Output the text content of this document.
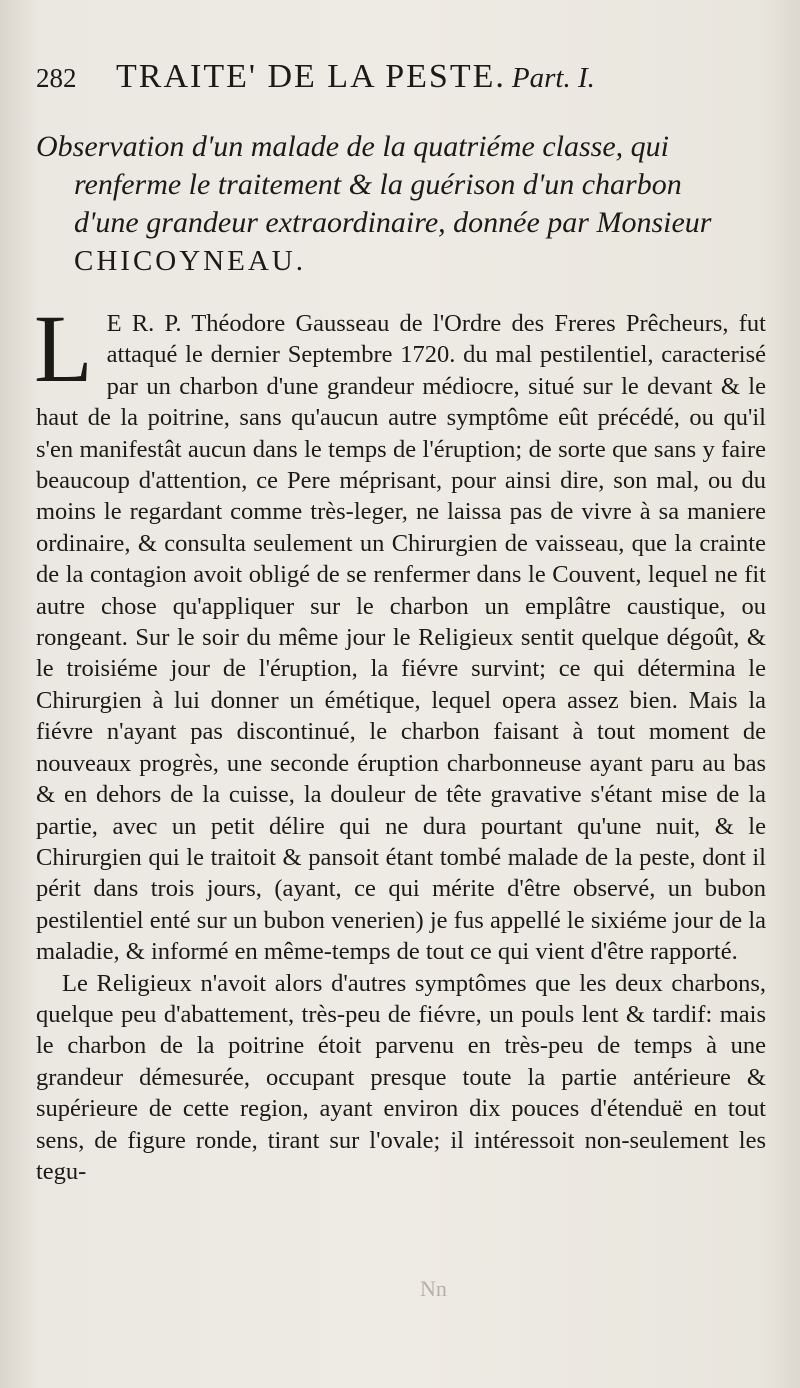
282	TRAITE' DE LA PESTE. Part. I.
Observation d'un malade de la quatriéme classe, qui
renferme le traitement & la guérison d'un charbon
d'une grandeur extraordinaire, donnée par Monsieur
CHICOYNEAU.

L E R. P. Théodore Gausseau de l'Ordre des Freres Prêcheurs, fut attaqué le dernier Septembre 1720. du mal pestilentiel, caracterisé par un charbon d'une grandeur médiocre, situé sur le devant & le haut de la poitrine, sans qu'aucun autre symptôme eût précédé, ou qu'il s'en manifestât aucun dans le temps de l'éruption; de sorte que sans y faire beaucoup d'attention, ce Pere méprisant, pour ainsi dire, son mal, ou du moins le regardant comme très-leger, ne laissa pas de vivre à sa maniere ordinaire, & consulta seulement un Chirurgien de vaisseau, que la crainte de la contagion avoit obligé de se renfermer dans le Couvent, lequel ne fit autre chose qu'appliquer sur le charbon un emplâtre caustique, ou rongeant. Sur le soir du même jour le Religieux sentit quelque dégoût, & le troisiéme jour de l'éruption, la fiévre survint; ce qui détermina le Chirurgien à lui donner un émétique, lequel opera assez bien. Mais la fiévre n'ayant pas discontinué, le charbon faisant à tout moment de nouveaux progrès, une seconde éruption charbonneuse ayant paru au bas & en dehors de la cuisse, la douleur de tête gravative s'étant mise de la partie, avec un petit délire qui ne dura pourtant qu'une nuit, & le Chirurgien qui le traitoit & pansoit étant tombé malade de la peste, dont il périt dans trois jours, (ayant, ce qui mérite d'être observé, un bubon pestilentiel enté sur un bubon venerien) je fus appellé le sixiéme jour de la maladie, & informé en même-temps de tout ce qui vient d'être rapporté.

Le Religieux n'avoit alors d'autres symptômes que les deux charbons, quelque peu d'abattement, très-peu de fiévre, un pouls lent & tardif: mais le charbon de la poitrine étoit parvenu en très-peu de temps à une grandeur démesurée, occupant presque toute la partie antérieure & supérieure de cette region, ayant environ dix pouces d'étenduë en tout sens, de figure ronde, tirant sur l'ovale; il intéressoit non-seulement les tegu-

Nn
